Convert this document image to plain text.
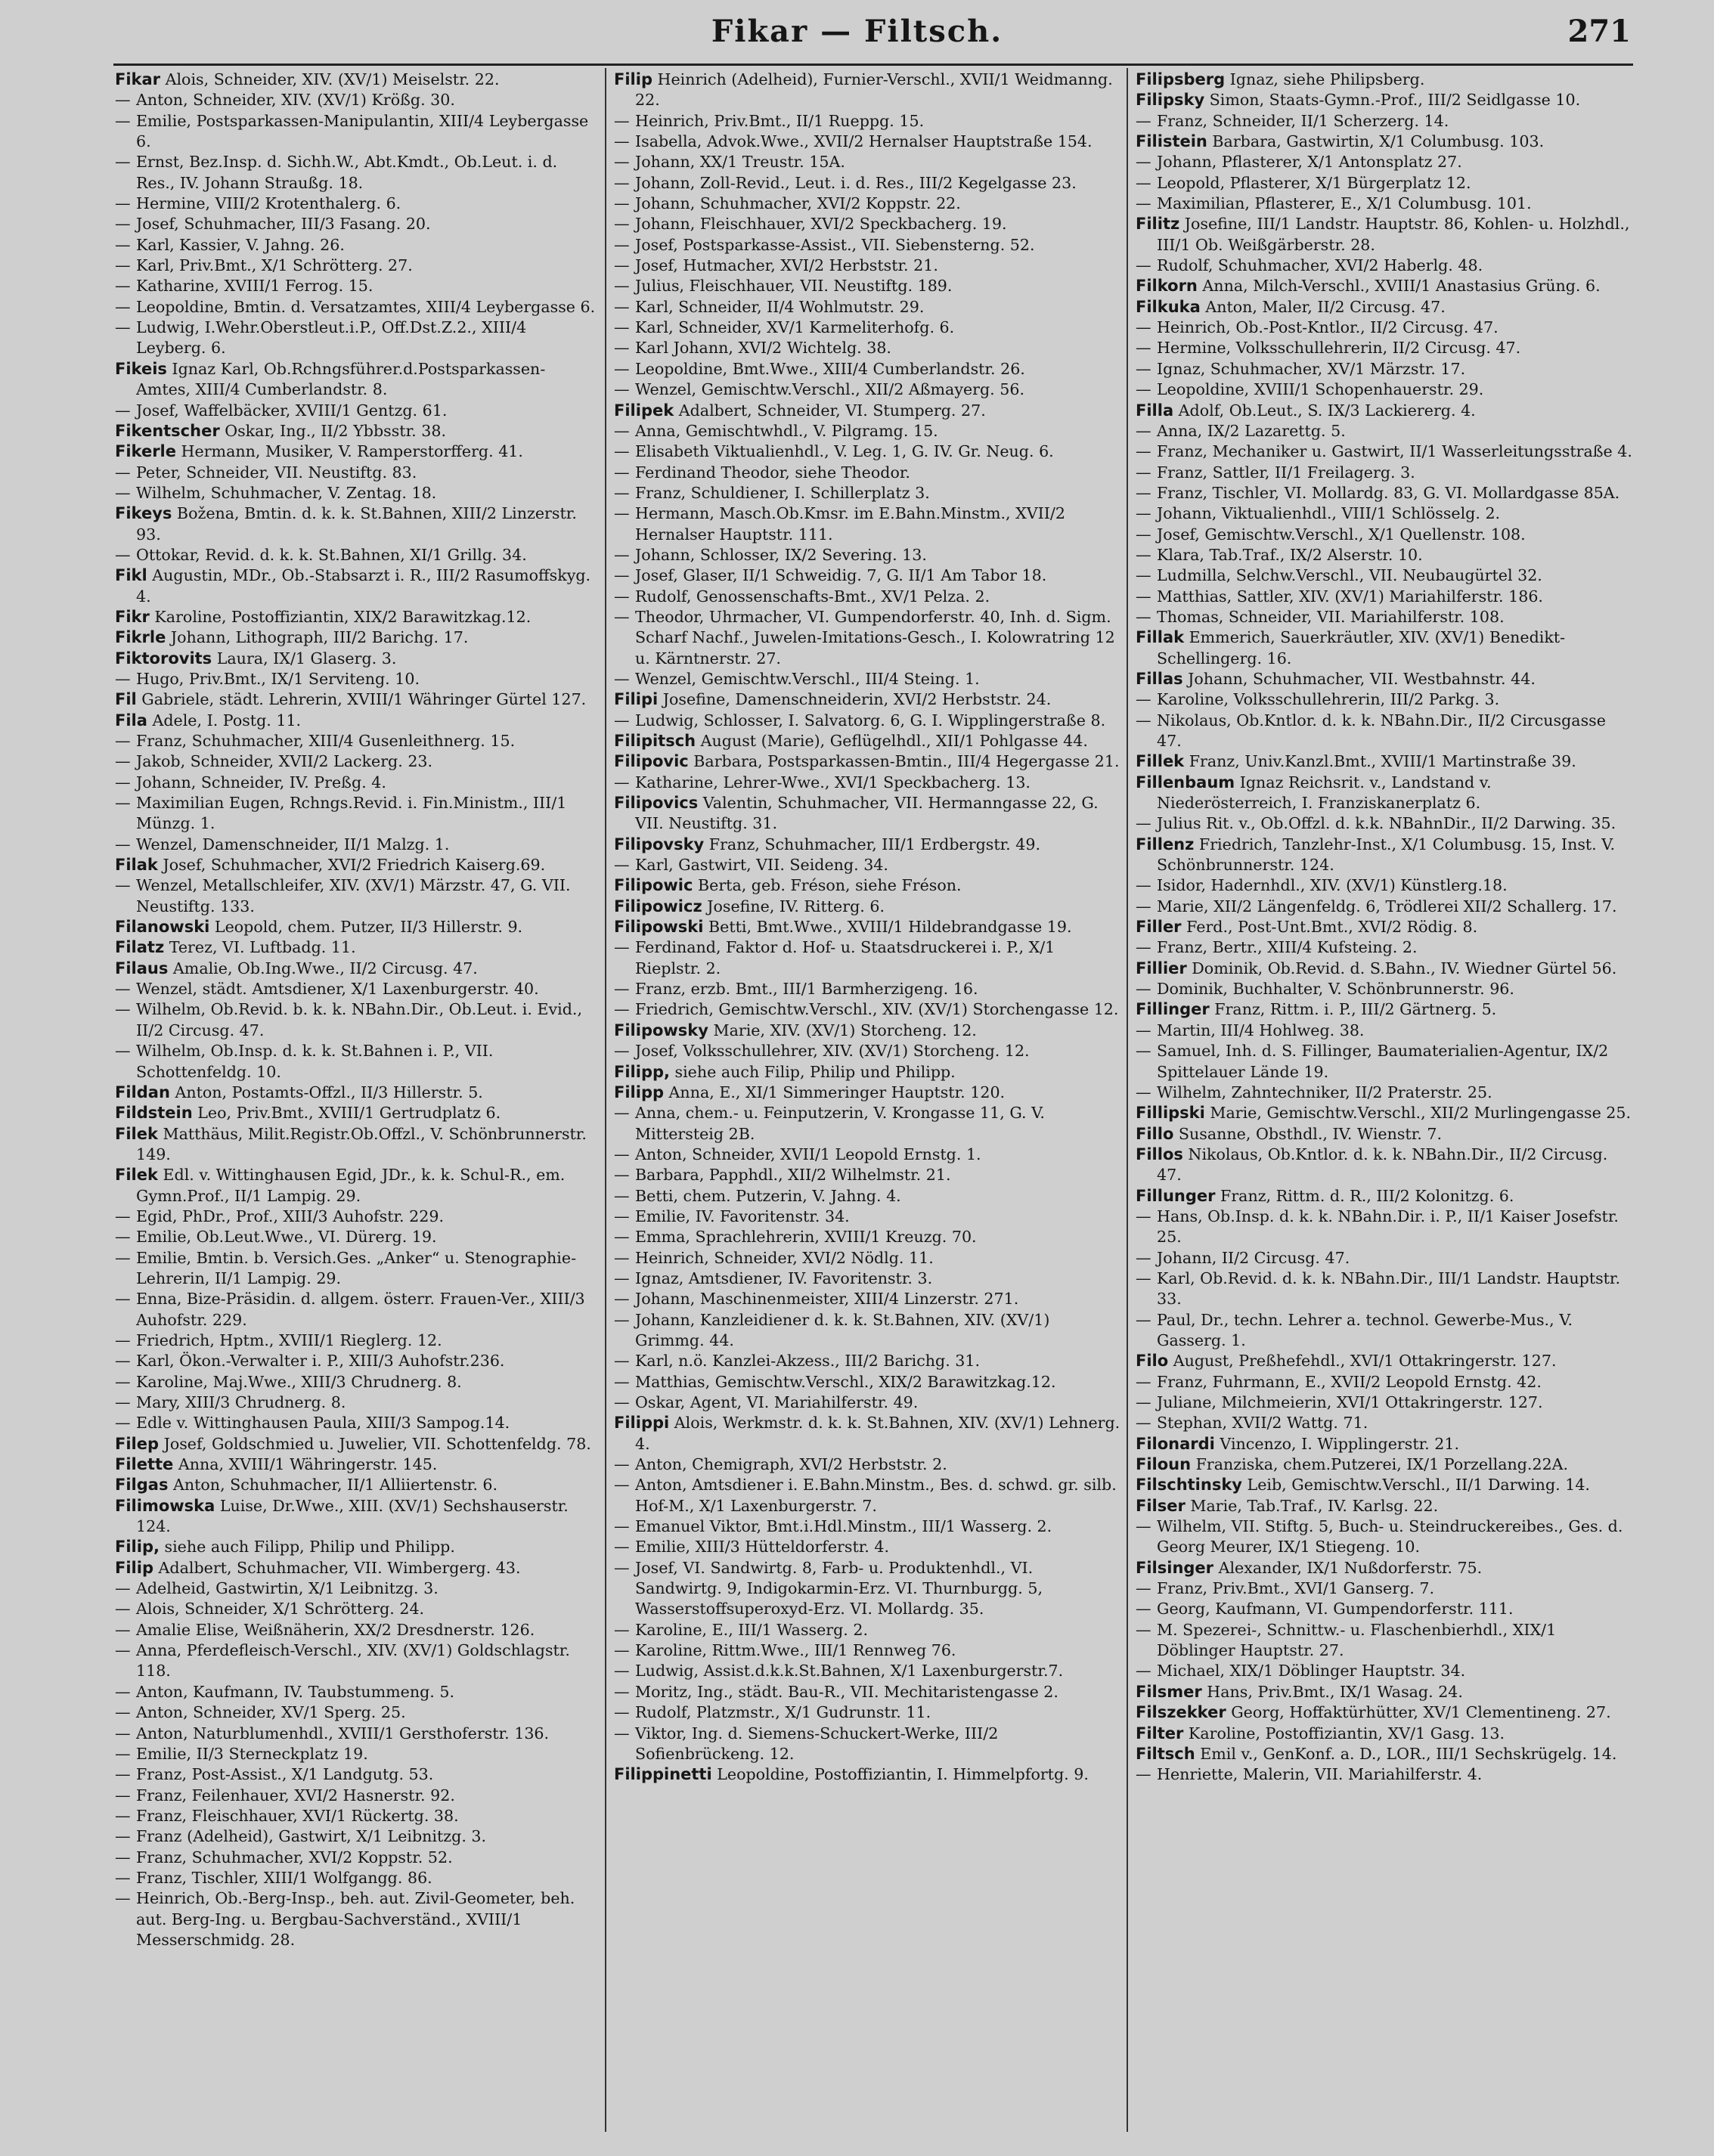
Fikar — Filtsch.	271

Fikar Alois, Schneider, XIV. (XV/1) Meiselstr. 22.

— Anton, Schneider, XIV. (XV/1) Krößg. 30.

— Emilie, Postsparkassen-Manipulantin, XIII/4 Leybergasse 6.

— Ernst, Bez.Insp. d. Sichh.W., Abt.Kmdt., Ob.Leut. i. d. Res., IV. Johann Straußg. 18.

— Hermine, VIII/2 Krotenthalerg. 6.

— Josef, Schuhmacher, III/3 Fasang. 20.

— Karl, Kassier, V. Jahng. 26.

— Karl, Priv.Bmt., X/1 Schrötterg. 27.

— Katharine, XVIII/1 Ferrog. 15.

— Leopoldine, Bmtin. d. Versatzamtes, XIII/4 Leybergasse 6.

— Ludwig, I.Wehr.Oberstleut.i.P., Off.Dst.Z.2., XIII/4 Leyberg. 6.

Fikeis Ignaz Karl, Ob.Rchngsführer.d.Postsparkassen-Amtes, XIII/4 Cumberlandstr. 8.

— Josef, Waffelbäcker, XVIII/1 Gentzg. 61.

Fikentscher Oskar, Ing., II/2 Ybbsstr. 38.

Fikerle Hermann, Musiker, V. Ramperstorfferg. 41.

— Peter, Schneider, VII. Neustiftg. 83.

— Wilhelm, Schuhmacher, V. Zentag. 18.

Fikeys Božena, Bmtin. d. k. k. St.Bahnen, XIII/2 Linzerstr. 93.

— Ottokar, Revid. d. k. k. St.Bahnen, XI/1 Grillg. 34.

Fikl Augustin, MDr., Ob.-Stabsarzt i. R., III/2 Rasumoffskyg. 4.

Fikr Karoline, Postoffiziantin, XIX/2 Barawitzkag.12.

Fikrle Johann, Lithograph, III/2 Barichg. 17.

Fiktorovits Laura, IX/1 Glaserg. 3.

— Hugo, Priv.Bmt., IX/1 Serviteng. 10.

Fil Gabriele, städt. Lehrerin, XVIII/1 Währinger Gürtel 127.

Fila Adele, I. Postg. 11.

— Franz, Schuhmacher, XIII/4 Gusenleithnerg. 15.

— Jakob, Schneider, XVII/2 Lackerg. 23.

— Johann, Schneider, IV. Preßg. 4.

— Maximilian Eugen, Rchngs.Revid. i. Fin.Ministm., III/1 Münzg. 1.

— Wenzel, Damenschneider, II/1 Malzg. 1.

Filak Josef, Schuhmacher, XVI/2 Friedrich Kaiserg.69.

— Wenzel, Metallschleifer, XIV. (XV/1) Märzstr. 47, G. VII. Neustiftg. 133.

Filanowski Leopold, chem. Putzer, II/3 Hillerstr. 9.

Filatz Terez, VI. Luftbadg. 11.

Filaus Amalie, Ob.Ing.Wwe., II/2 Circusg. 47.

— Wenzel, städt. Amtsdiener, X/1 Laxenburgerstr. 40.

— Wilhelm, Ob.Revid. b. k. k. NBahn.Dir., Ob.Leut. i. Evid., II/2 Circusg. 47.

— Wilhelm, Ob.Insp. d. k. k. St.Bahnen i. P., VII. Schottenfeldg. 10.

Fildan Anton, Postamts-Offzl., II/3 Hillerstr. 5.

Fildstein Leo, Priv.Bmt., XVIII/1 Gertrudplatz 6.

Filek Matthäus, Milit.Registr.Ob.Offzl., V. Schönbrunnerstr. 149.

Filek Edl. v. Wittinghausen Egid, JDr., k. k. Schul-R., em. Gymn.Prof., II/1 Lampig. 29.

— Egid, PhDr., Prof., XIII/3 Auhofstr. 229.

— Emilie, Ob.Leut.Wwe., VI. Dürerg. 19.

— Emilie, Bmtin. b. Versich.Ges. „Anker“ u. Stenographie-Lehrerin, II/1 Lampig. 29.

— Enna, Bize-Präsidin. d. allgem. österr. Frauen-Ver., XIII/3 Auhofstr. 229.

— Friedrich, Hptm., XVIII/1 Rieglerg. 12.

— Karl, Ökon.-Verwalter i. P., XIII/3 Auhofstr.236.

— Karoline, Maj.Wwe., XIII/3 Chrudnerg. 8.

— Mary, XIII/3 Chrudnerg. 8.

— Edle v. Wittinghausen Paula, XIII/3 Sampog.14.

Filep Josef, Goldschmied u. Juwelier, VII. Schottenfeldg. 78.

Filette Anna, XVIII/1 Währingerstr. 145.

Filgas Anton, Schuhmacher, II/1 Alliiertenstr. 6.

Filimowska Luise, Dr.Wwe., XIII. (XV/1) Sechshauserstr. 124.

Filip, siehe auch Filipp, Philip und Philipp.

Filip Adalbert, Schuhmacher, VII. Wimbergerg. 43.

— Adelheid, Gastwirtin, X/1 Leibnitzg. 3.

— Alois, Schneider, X/1 Schrötterg. 24.

— Amalie Elise, Weißnäherin, XX/2 Dresdnerstr. 126.

— Anna, Pferdefleisch-Verschl., XIV. (XV/1) Goldschlagstr. 118.

— Anton, Kaufmann, IV. Taubstummeng. 5.

— Anton, Schneider, XV/1 Sperg. 25.

— Anton, Naturblumenhdl., XVIII/1 Gersthoferstr. 136.

— Emilie, II/3 Sterneckplatz 19.

— Franz, Post-Assist., X/1 Landgutg. 53.

— Franz, Feilenhauer, XVI/2 Hasnerstr. 92.

— Franz, Fleischhauer, XVI/1 Rückertg. 38.

— Franz (Adelheid), Gastwirt, X/1 Leibnitzg. 3.

— Franz, Schuhmacher, XVI/2 Koppstr. 52.

— Franz, Tischler, XIII/1 Wolfgangg. 86.

— Heinrich, Ob.-Berg-Insp., beh. aut. Zivil-Geometer, beh. aut. Berg-Ing. u. Bergbau-Sachverständ., XVIII/1 Messerschmidg. 28.

Filip Heinrich (Adelheid), Furnier-Verschl., XVII/1 Weidmanng. 22.

— Heinrich, Priv.Bmt., II/1 Rueppg. 15.

— Isabella, Advok.Wwe., XVII/2 Hernalser Hauptstraße 154.

— Johann, XX/1 Treustr. 15A.

— Johann, Zoll-Revid., Leut. i. d. Res., III/2 Kegelgasse 23.

— Johann, Schuhmacher, XVI/2 Koppstr. 22.

— Johann, Fleischhauer, XVI/2 Speckbacherg. 19.

— Josef, Postsparkasse-Assist., VII. Siebensterng. 52.

— Josef, Hutmacher, XVI/2 Herbststr. 21.

— Julius, Fleischhauer, VII. Neustiftg. 189.

— Karl, Schneider, II/4 Wohlmutstr. 29.

— Karl, Schneider, XV/1 Karmeliterhofg. 6.

— Karl Johann, XVI/2 Wichtelg. 38.

— Leopoldine, Bmt.Wwe., XIII/4 Cumberlandstr. 26.

— Wenzel, Gemischtw.Verschl., XII/2 Aßmayerg. 56.

Filipek Adalbert, Schneider, VI. Stumperg. 27.

— Anna, Gemischtwhdl., V. Pilgramg. 15.

— Elisabeth Viktualienhdl., V. Leg. 1, G. IV. Gr. Neug. 6.

— Ferdinand Theodor, siehe Theodor.

— Franz, Schuldiener, I. Schillerplatz 3.

— Hermann, Masch.Ob.Kmsr. im E.Bahn.Minstm., XVII/2 Hernalser Hauptstr. 111.

— Johann, Schlosser, IX/2 Severing. 13.

— Josef, Glaser, II/1 Schweidig. 7, G. II/1 Am Tabor 18.

— Rudolf, Genossenschafts-Bmt., XV/1 Pelza. 2.

— Theodor, Uhrmacher, VI. Gumpendorferstr. 40, Inh. d. Sigm. Scharf Nachf., Juwelen-Imitations-Gesch., I. Kolowratring 12 u. Kärntnerstr. 27.

— Wenzel, Gemischtw.Verschl., III/4 Steing. 1.

Filipi Josefine, Damenschneiderin, XVI/2 Herbststr. 24.

— Ludwig, Schlosser, I. Salvatorg. 6, G. I. Wipplingerstraße 8.

Filipitsch August (Marie), Geflügelhdl., XII/1 Pohlgasse 44.

Filipovic Barbara, Postsparkassen-Bmtin., III/4 Hegergasse 21.

— Katharine, Lehrer-Wwe., XVI/1 Speckbacherg. 13.

Filipovics Valentin, Schuhmacher, VII. Hermanngasse 22, G. VII. Neustiftg. 31.

Filipovsky Franz, Schuhmacher, III/1 Erdbergstr. 49.

— Karl, Gastwirt, VII. Seideng. 34.

Filipowic Berta, geb. Fréson, siehe Fréson.

Filipowicz Josefine, IV. Ritterg. 6.

Filipowski Betti, Bmt.Wwe., XVIII/1 Hildebrandgasse 19.

— Ferdinand, Faktor d. Hof- u. Staatsdruckerei i. P., X/1 Rieplstr. 2.

— Franz, erzb. Bmt., III/1 Barmherzigeng. 16.

— Friedrich, Gemischtw.Verschl., XIV. (XV/1) Storchengasse 12.

Filipowsky Marie, XIV. (XV/1) Storcheng. 12.

— Josef, Volksschullehrer, XIV. (XV/1) Storcheng. 12.

Filipp, siehe auch Filip, Philip und Philipp.

Filipp Anna, E., XI/1 Simmeringer Hauptstr. 120.

— Anna, chem.- u. Feinputzerin, V. Krongasse 11, G. V. Mittersteig 2B.

— Anton, Schneider, XVII/1 Leopold Ernstg. 1.

— Barbara, Papphdl., XII/2 Wilhelmstr. 21.

— Betti, chem. Putzerin, V. Jahng. 4.

— Emilie, IV. Favoritenstr. 34.

— Emma, Sprachlehrerin, XVIII/1 Kreuzg. 70.

— Heinrich, Schneider, XVI/2 Nödlg. 11.

— Ignaz, Amtsdiener, IV. Favoritenstr. 3.

— Johann, Maschinenmeister, XIII/4 Linzerstr. 271.

— Johann, Kanzleidiener d. k. k. St.Bahnen, XIV. (XV/1) Grimmg. 44.

— Karl, n.ö. Kanzlei-Akzess., III/2 Barichg. 31.

— Matthias, Gemischtw.Verschl., XIX/2 Barawitzkag.12.

— Oskar, Agent, VI. Mariahilferstr. 49.

Filippi Alois, Werkmstr. d. k. k. St.Bahnen, XIV. (XV/1) Lehnerg. 4.

— Anton, Chemigraph, XVI/2 Herbststr. 2.

— Anton, Amtsdiener i. E.Bahn.Minstm., Bes. d. schwd. gr. silb. Hof-M., X/1 Laxenburgerstr. 7.

— Emanuel Viktor, Bmt.i.Hdl.Minstm., III/1 Wasserg. 2.

— Emilie, XIII/3 Hütteldorferstr. 4.

— Josef, VI. Sandwirtg. 8, Farb- u. Produktenhdl., VI. Sandwirtg. 9, Indigokarmin-Erz. VI. Thurnburgg. 5, Wasserstoffsuperoxyd-Erz. VI. Mollardg. 35.

— Karoline, E., III/1 Wasserg. 2.

— Karoline, Rittm.Wwe., III/1 Rennweg 76.

— Ludwig, Assist.d.k.k.St.Bahnen, X/1 Laxenburgerstr.7.

— Moritz, Ing., städt. Bau-R., VII. Mechitaristengasse 2.

— Rudolf, Platzmstr., X/1 Gudrunstr. 11.

— Viktor, Ing. d. Siemens-Schuckert-Werke, III/2 Sofienbrückeng. 12.

Filippinetti Leopoldine, Postoffiziantin, I. Himmelpfortg. 9.

Filipsberg Ignaz, siehe Philipsberg.

Filipsky Simon, Staats-Gymn.-Prof., III/2 Seidlgasse 10.

— Franz, Schneider, II/1 Scherzerg. 14.

Filistein Barbara, Gastwirtin, X/1 Columbusg. 103.

— Johann, Pflasterer, X/1 Antonsplatz 27.

— Leopold, Pflasterer, X/1 Bürgerplatz 12.

— Maximilian, Pflasterer, E., X/1 Columbusg. 101.

Filitz Josefine, III/1 Landstr. Hauptstr. 86, Kohlen- u. Holzhdl., III/1 Ob. Weißgärberstr. 28.

— Rudolf, Schuhmacher, XVI/2 Haberlg. 48.

Filkorn Anna, Milch-Verschl., XVIII/1 Anastasius Grüng. 6.

Filkuka Anton, Maler, II/2 Circusg. 47.

— Heinrich, Ob.-Post-Kntlor., II/2 Circusg. 47.

— Hermine, Volksschullehrerin, II/2 Circusg. 47.

— Ignaz, Schuhmacher, XV/1 Märzstr. 17.

— Leopoldine, XVIII/1 Schopenhauerstr. 29.

Filla Adolf, Ob.Leut., S. IX/3 Lackiererg. 4.

— Anna, IX/2 Lazarettg. 5.

— Franz, Mechaniker u. Gastwirt, II/1 Wasserleitungsstraße 4.

— Franz, Sattler, II/1 Freilagerg. 3.

— Franz, Tischler, VI. Mollardg. 83, G. VI. Mollardgasse 85A.

— Johann, Viktualienhdl., VIII/1 Schlösselg. 2.

— Josef, Gemischtw.Verschl., X/1 Quellenstr. 108.

— Klara, Tab.Traf., IX/2 Alserstr. 10.

— Ludmilla, Selchw.Verschl., VII. Neubaugürtel 32.

— Matthias, Sattler, XIV. (XV/1) Mariahilferstr. 186.

— Thomas, Schneider, VII. Mariahilferstr. 108.

Fillak Emmerich, Sauerkräutler, XIV. (XV/1) Benedikt-Schellingerg. 16.

Fillas Johann, Schuhmacher, VII. Westbahnstr. 44.

— Karoline, Volksschullehrerin, III/2 Parkg. 3.

— Nikolaus, Ob.Kntlor. d. k. k. NBahn.Dir., II/2 Circusgasse 47.

Fillek Franz, Univ.Kanzl.Bmt., XVIII/1 Martinstraße 39.

Fillenbaum Ignaz Reichsrit. v., Landstand v. Niederösterreich, I. Franziskanerplatz 6.

— Julius Rit. v., Ob.Offzl. d. k.k. NBahnDir., II/2 Darwing. 35.

Fillenz Friedrich, Tanzlehr-Inst., X/1 Columbusg. 15, Inst. V. Schönbrunnerstr. 124.

— Isidor, Hadernhdl., XIV. (XV/1) Künstlerg.18.

— Marie, XII/2 Längenfeldg. 6, Trödlerei XII/2 Schallerg. 17.

Filler Ferd., Post-Unt.Bmt., XVI/2 Rödig. 8.

— Franz, Bertr., XIII/4 Kufsteing. 2.

Fillier Dominik, Ob.Revid. d. S.Bahn., IV. Wiedner Gürtel 56.

— Dominik, Buchhalter, V. Schönbrunnerstr. 96.

Fillinger Franz, Rittm. i. P., III/2 Gärtnerg. 5.

— Martin, III/4 Hohlweg. 38.

— Samuel, Inh. d. S. Fillinger, Baumaterialien-Agentur, IX/2 Spittelauer Lände 19.

— Wilhelm, Zahntechniker, II/2 Praterstr. 25.

Fillipski Marie, Gemischtw.Verschl., XII/2 Murlingengasse 25.

Fillo Susanne, Obsthdl., IV. Wienstr. 7.

Fillos Nikolaus, Ob.Kntlor. d. k. k. NBahn.Dir., II/2 Circusg. 47.

Fillunger Franz, Rittm. d. R., III/2 Kolonitzg. 6.

— Hans, Ob.Insp. d. k. k. NBahn.Dir. i. P., II/1 Kaiser Josefstr. 25.

— Johann, II/2 Circusg. 47.

— Karl, Ob.Revid. d. k. k. NBahn.Dir., III/1 Landstr. Hauptstr. 33.

— Paul, Dr., techn. Lehrer a. technol. Gewerbe-Mus., V. Gasserg. 1.

Filo August, Preßhefehdl., XVI/1 Ottakringerstr. 127.

— Franz, Fuhrmann, E., XVII/2 Leopold Ernstg. 42.

— Juliane, Milchmeierin, XVI/1 Ottakringerstr. 127.

— Stephan, XVII/2 Wattg. 71.

Filonardi Vincenzo, I. Wipplingerstr. 21.

Filoun Franziska, chem.Putzerei, IX/1 Porzellang.22A.

Filschtinsky Leib, Gemischtw.Verschl., II/1 Darwing. 14.

Filser Marie, Tab.Traf., IV. Karlsg. 22.

— Wilhelm, VII. Stiftg. 5, Buch- u. Steindruckereibes., Ges. d. Georg Meurer, IX/1 Stiegeng. 10.

Filsinger Alexander, IX/1 Nußdorferstr. 75.

— Franz, Priv.Bmt., XVI/1 Ganserg. 7.

— Georg, Kaufmann, VI. Gumpendorferstr. 111.

— M. Spezerei-, Schnittw.- u. Flaschenbierhdl., XIX/1 Döblinger Hauptstr. 27.

— Michael, XIX/1 Döblinger Hauptstr. 34.

Filsmer Hans, Priv.Bmt., IX/1 Wasag. 24.

Filszekker Georg, Hoffaktürhütter, XV/1 Clementineng. 27.

Filter Karoline, Postoffiziantin, XV/1 Gasg. 13.

Filtsch Emil v., GenKonf. a. D., LOR., III/1 Sechskrügelg. 14.

— Henriette, Malerin, VII. Mariahilferstr. 4.
